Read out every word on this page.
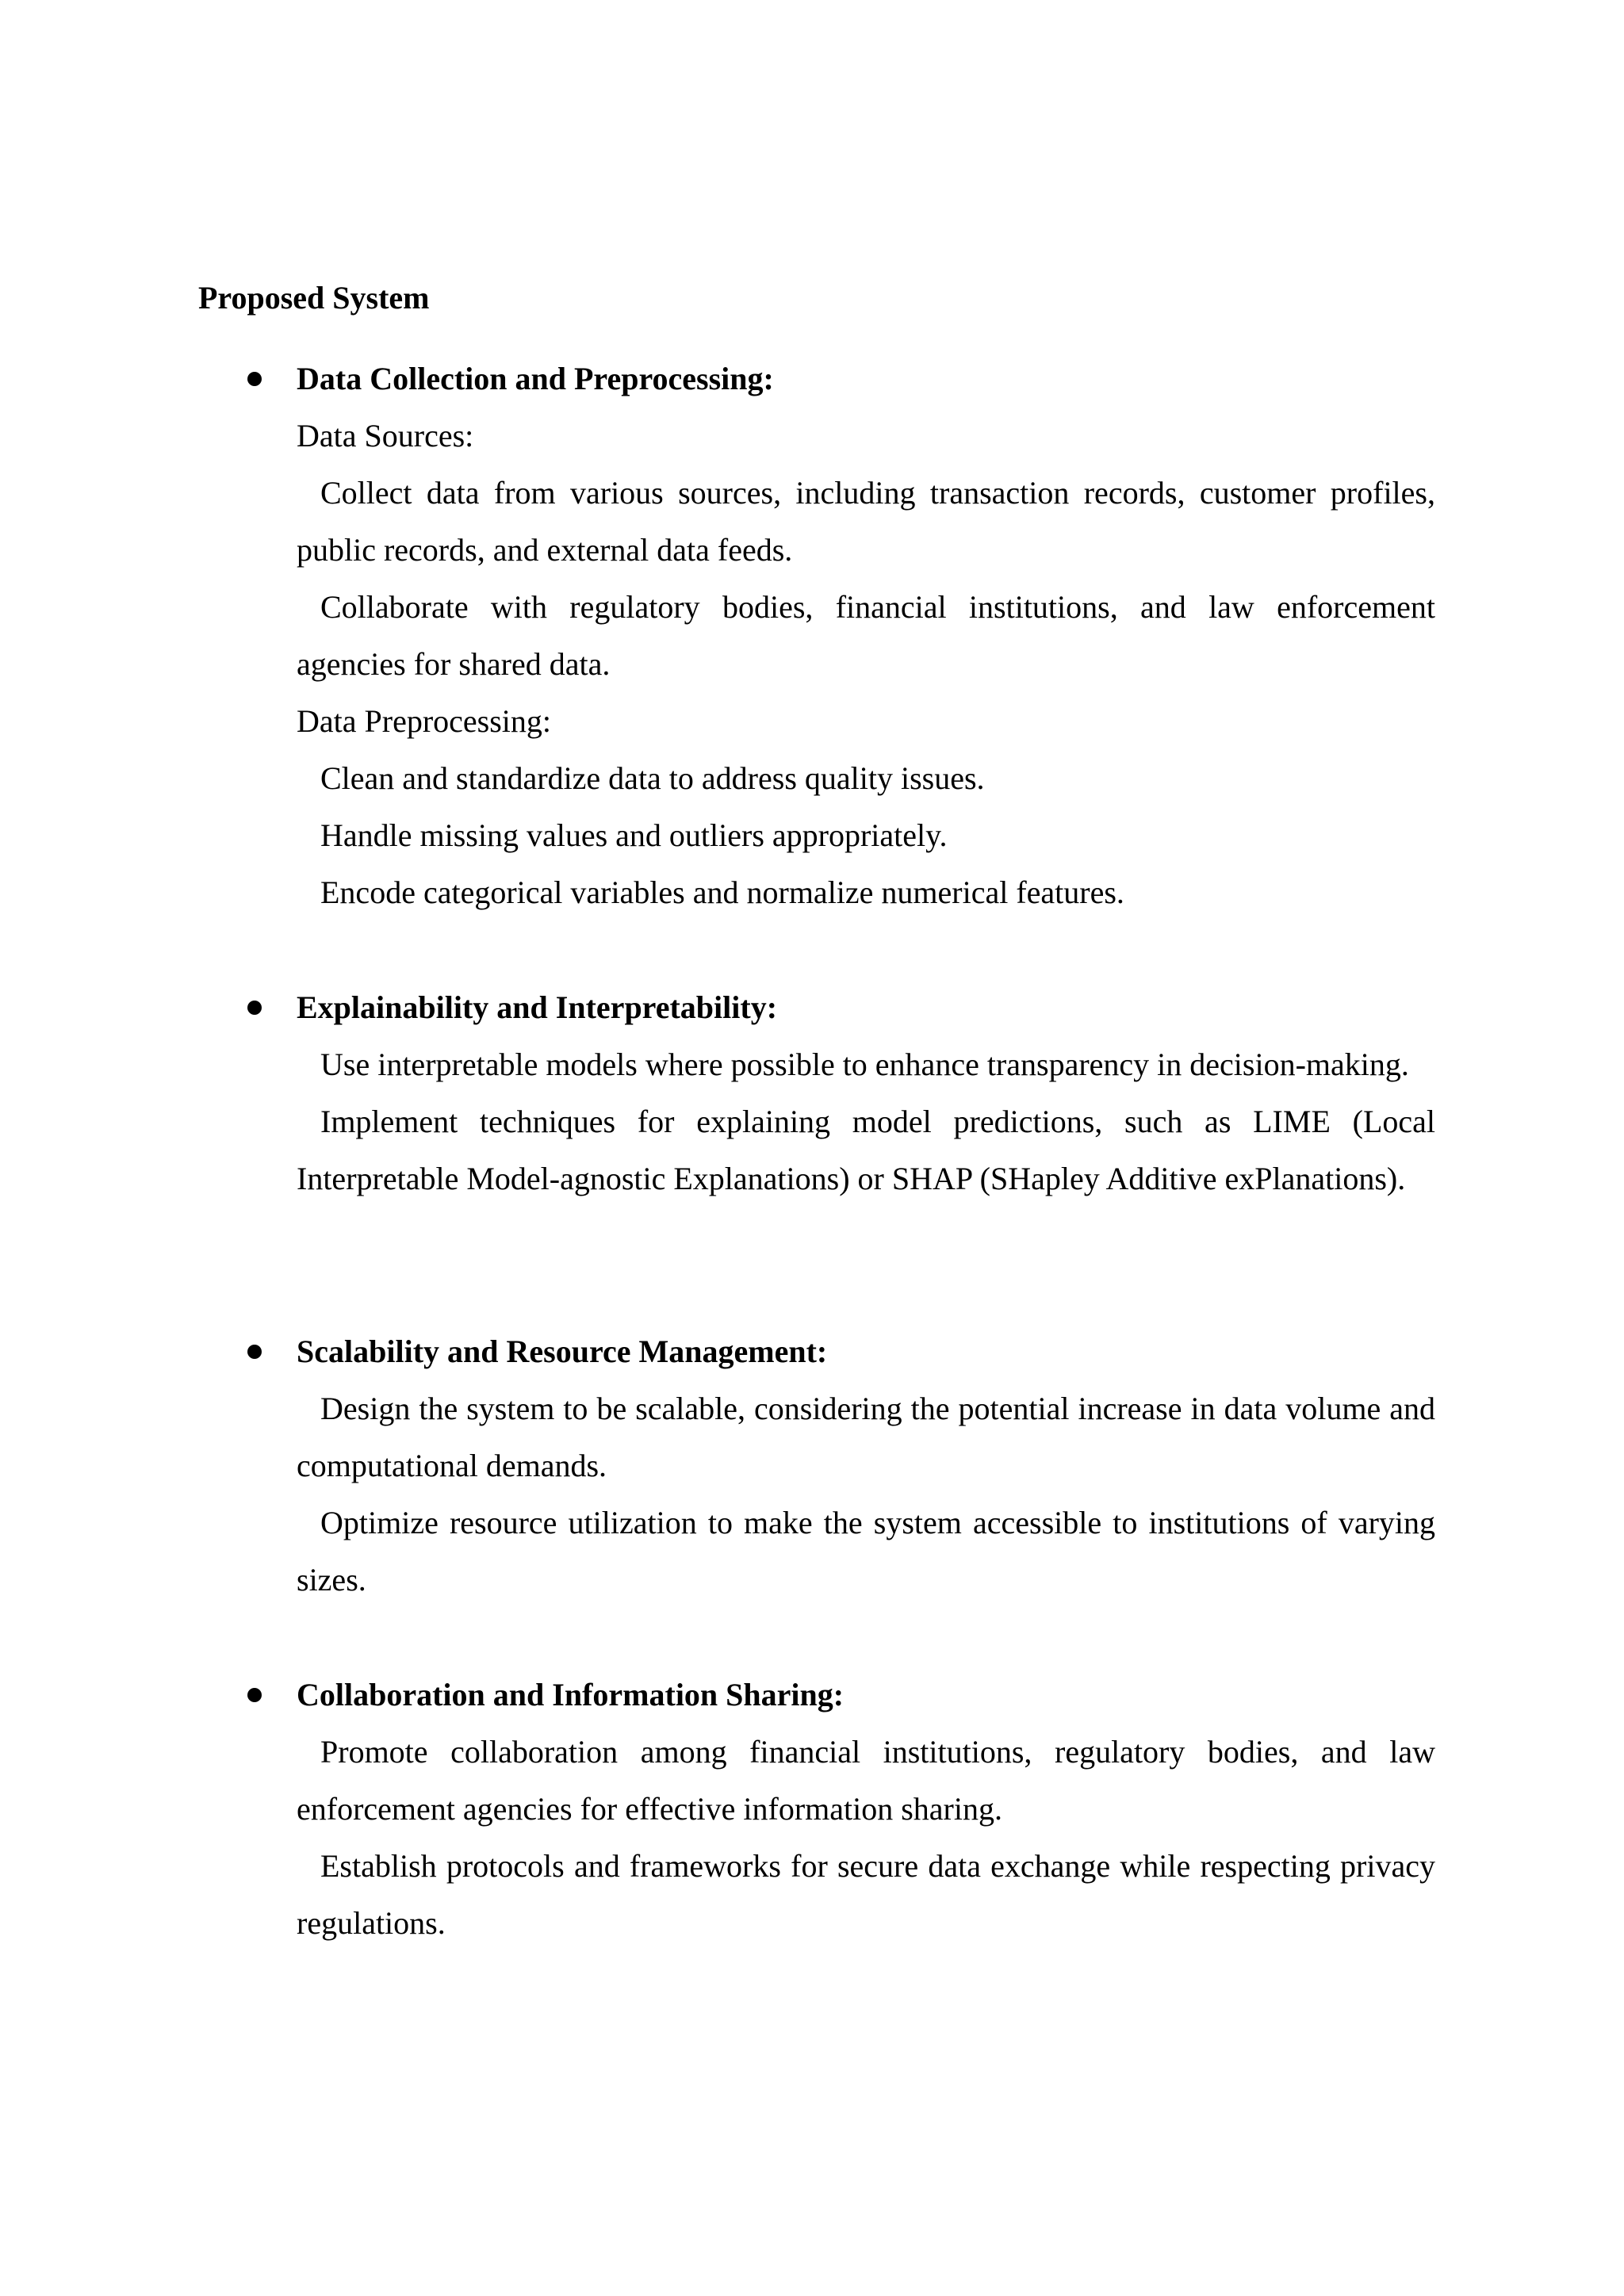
Proposed System
Data Collection and Preprocessing:

Data Sources:

Collect data from various sources, including transaction records, customer profiles, public records, and external data feeds.

Collaborate with regulatory bodies, financial institutions, and law enforcement agencies for shared data.

Data Preprocessing:

Clean and standardize data to address quality issues.

Handle missing values and outliers appropriately.

Encode categorical variables and normalize numerical features.

Explainability and Interpretability:

Use interpretable models where possible to enhance transparency in decision-making.

Implement techniques for explaining model predictions, such as LIME (Local Interpretable Model-agnostic Explanations) or SHAP (SHapley Additive exPlanations).

Scalability and Resource Management:

Design the system to be scalable, considering the potential increase in data volume and computational demands.

Optimize resource utilization to make the system accessible to institutions of varying sizes.

Collaboration and Information Sharing:

Promote collaboration among financial institutions, regulatory bodies, and law enforcement agencies for effective information sharing.

Establish protocols and frameworks for secure data exchange while respecting privacy regulations.
